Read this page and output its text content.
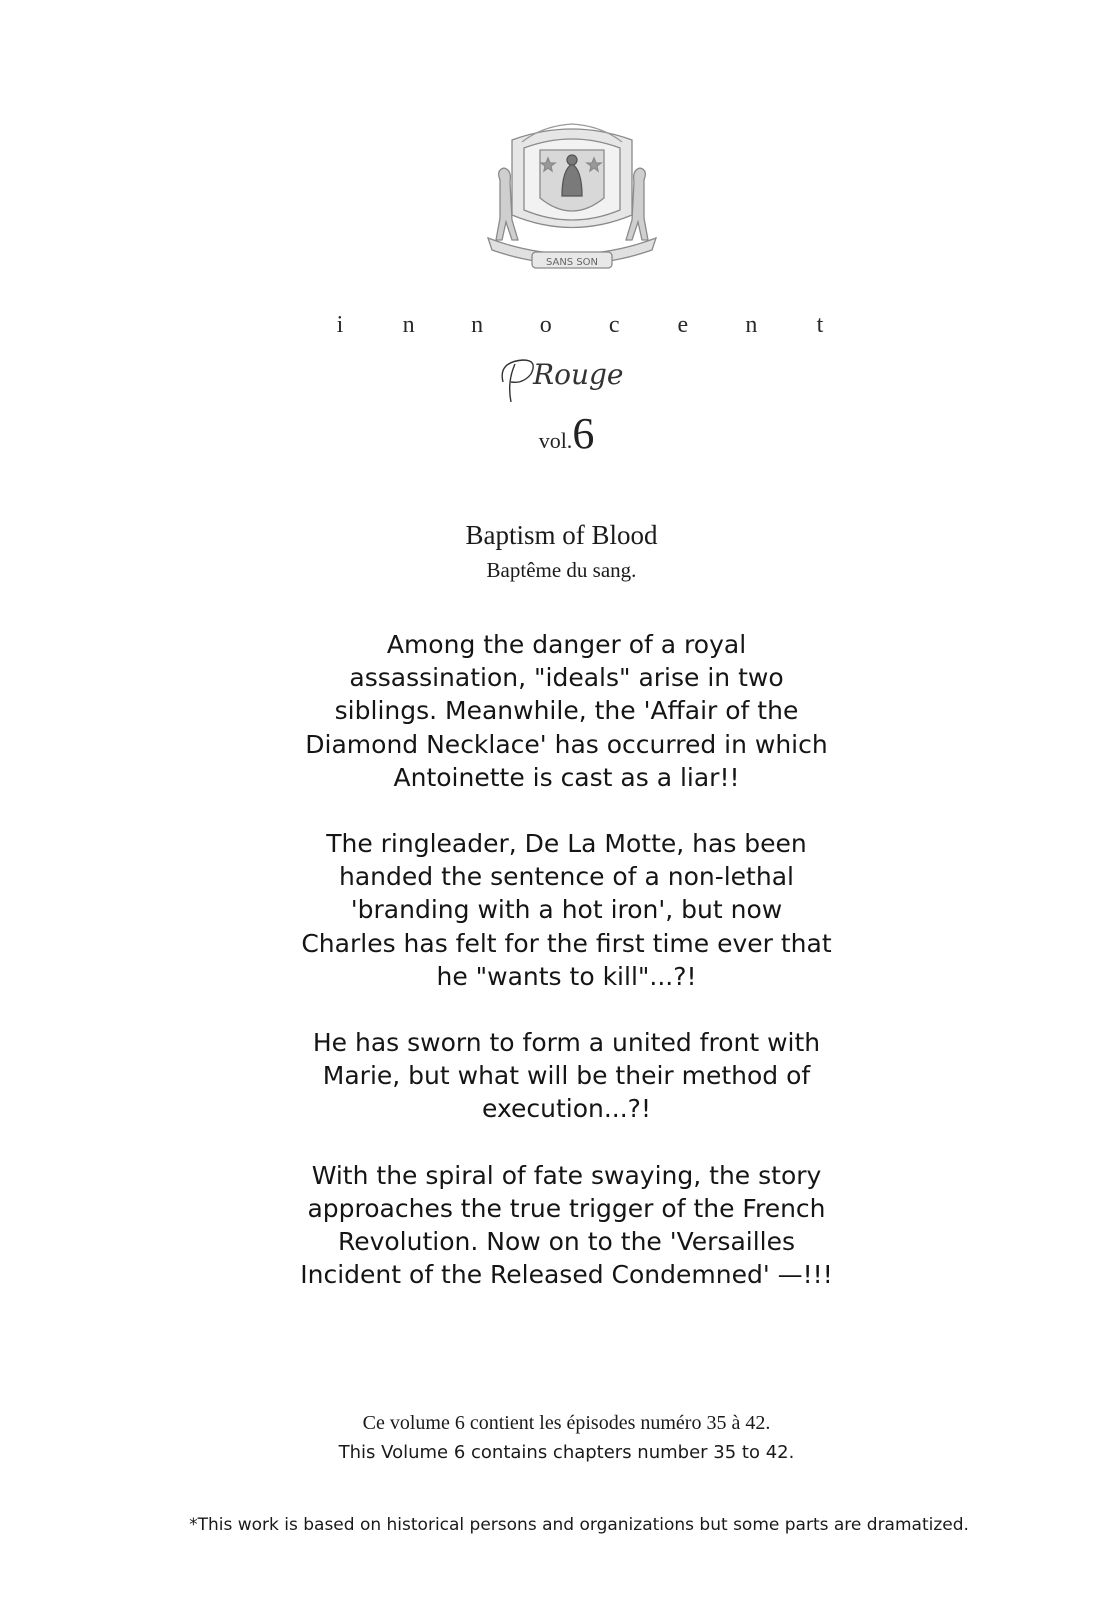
SANS SON
i n n o c e n t
Rouge
vol.6
Baptism of Blood
Baptême du sang.

Among the danger of a royal
assassination, "ideals" arise in two
siblings. Meanwhile, the 'Affair of the
Diamond Necklace' has occurred in which
Antoinette is cast as a liar!!

The ringleader, De La Motte, has been
handed the sentence of a non-lethal
'branding with a hot iron', but now
Charles has felt for the first time ever that
he "wants to kill"...?!

He has sworn to form a united front with
Marie, but what will be their method of
execution...?!

With the spiral of fate swaying, the story
approaches the true trigger of the French
Revolution. Now on to the 'Versailles
Incident of the Released Condemned' —!!!

Ce volume 6 contient les épisodes numéro 35 à 42.
This Volume 6 contains chapters number 35 to 42.
*This work is based on historical persons and organizations but some parts are dramatized.
